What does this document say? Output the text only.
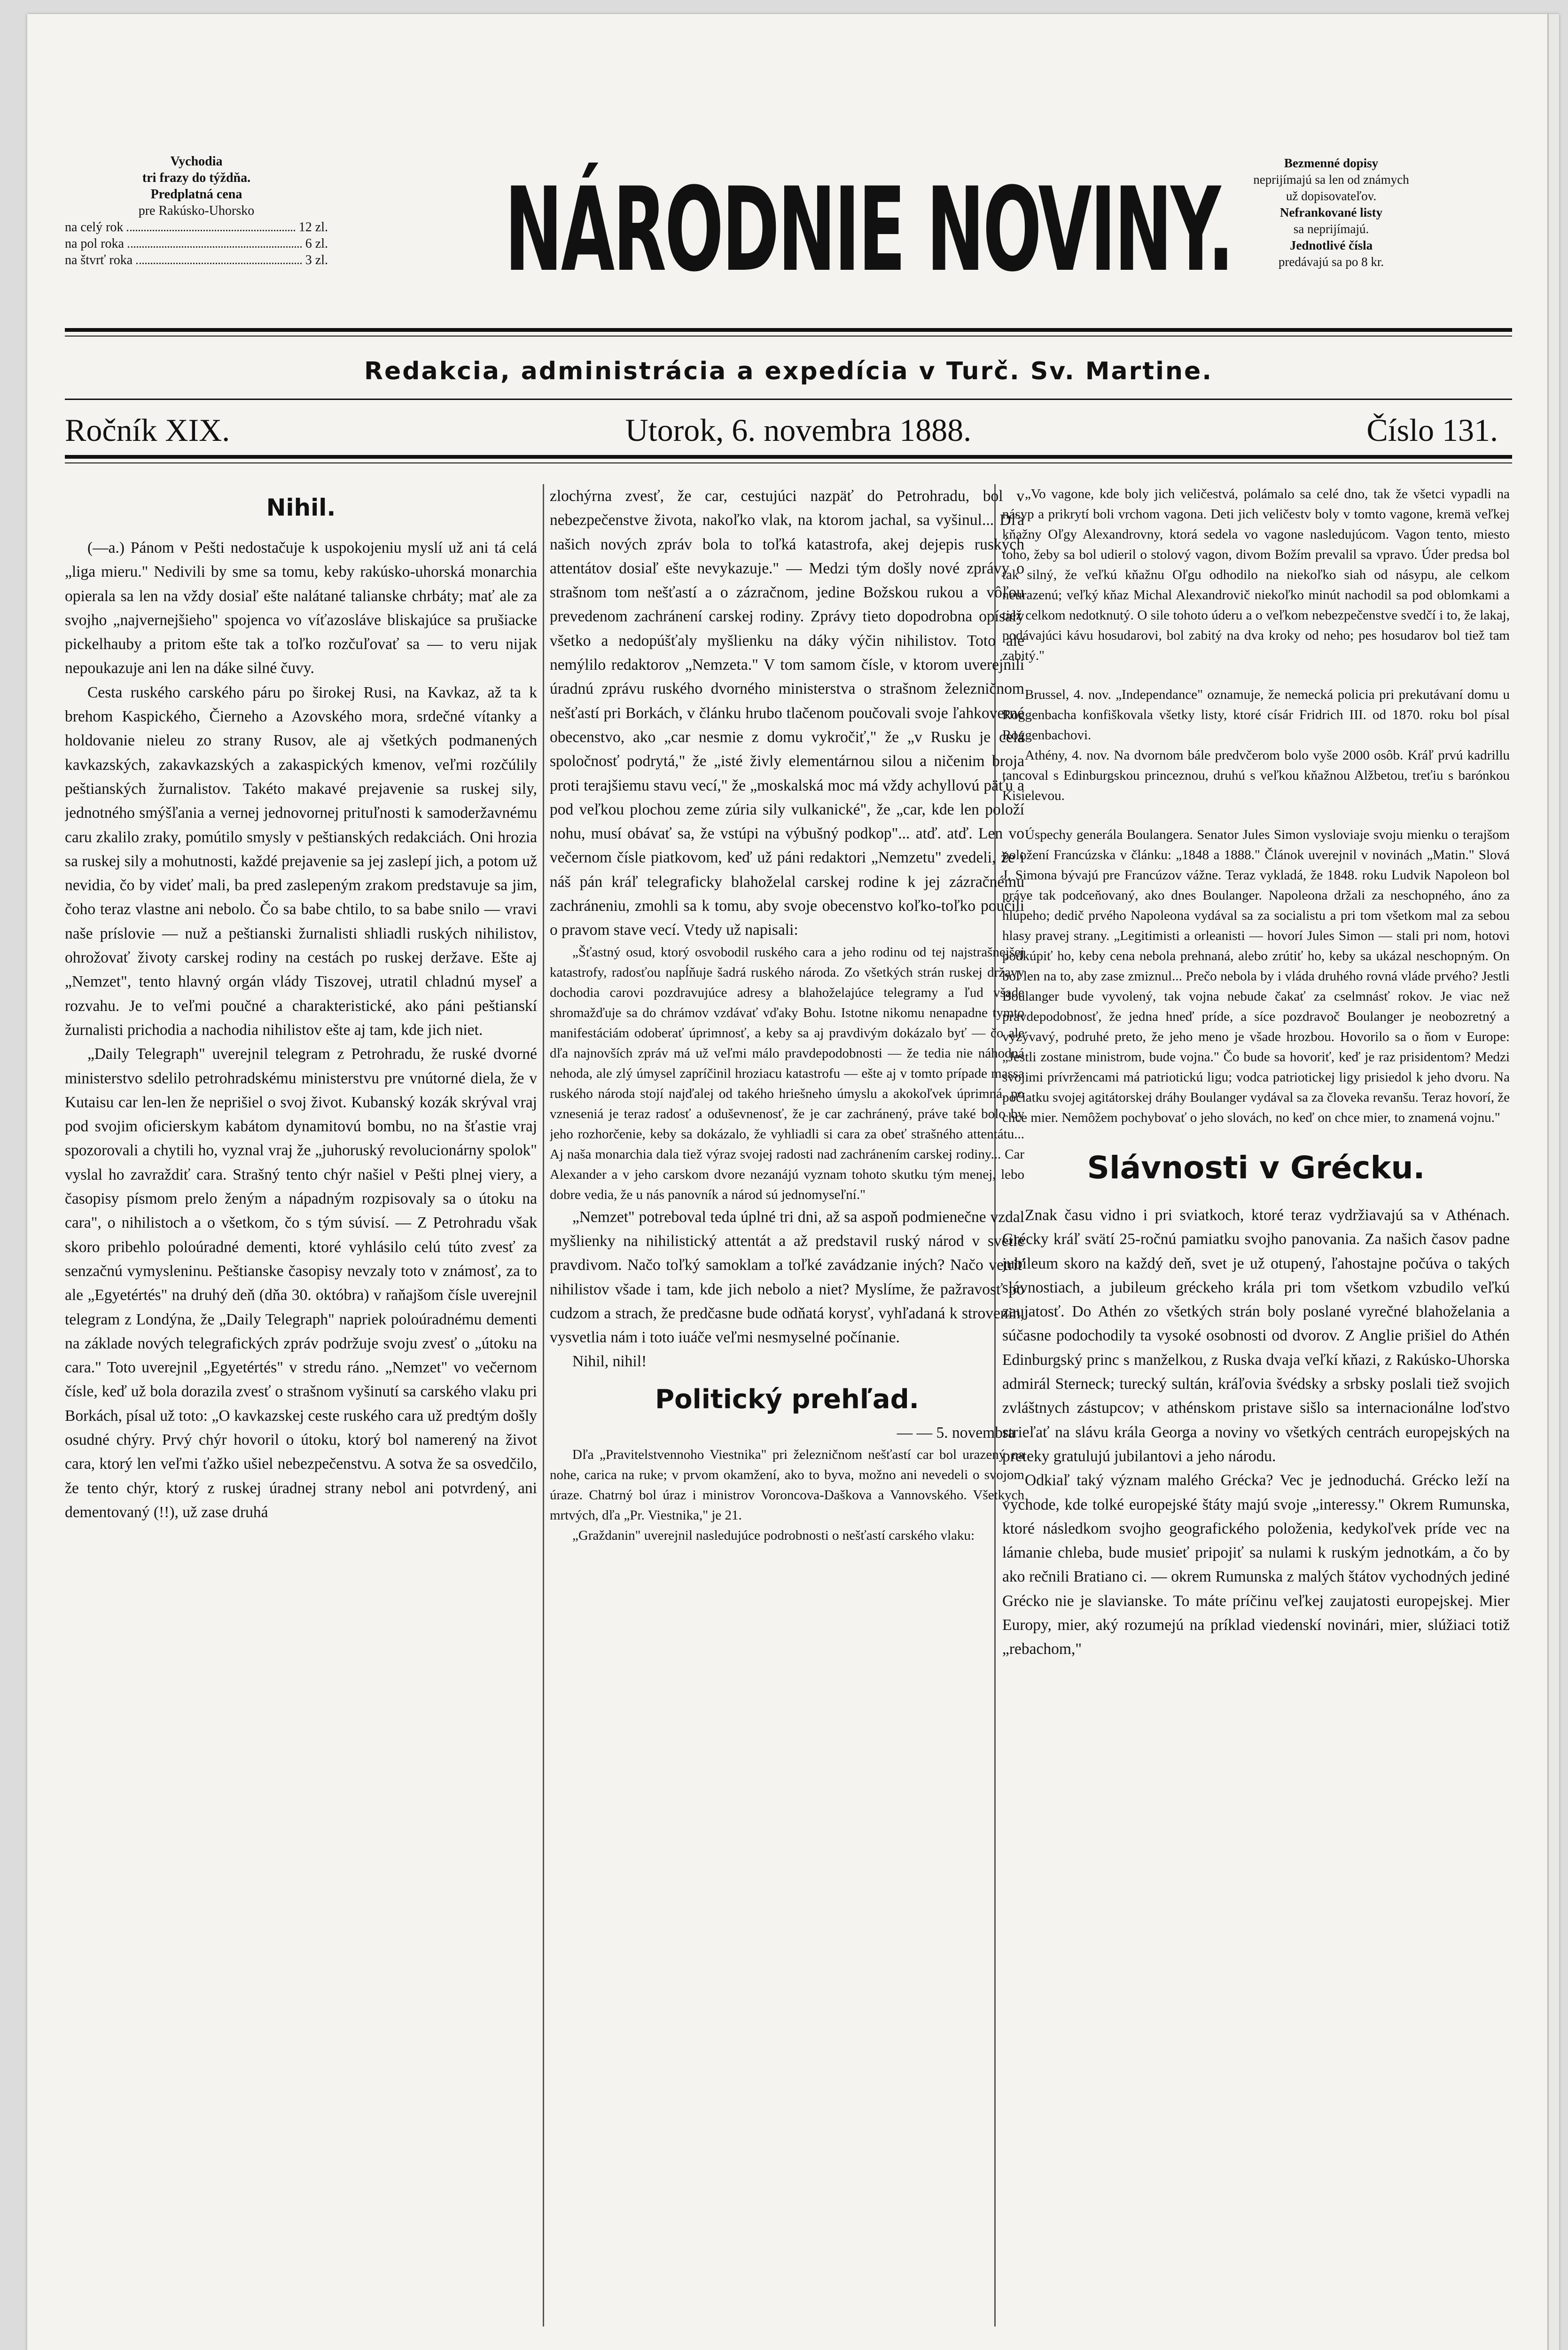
Vychodia
tri frazy do týždňa.
Predplatná cena
pre Rakúsko-Uhorsko
na celý rok	12 zl.
na pol roka	6 zl.
na štvrť roka	3 zl. NÁRODNIE NOVINY.	Bezmenné dopisy
neprijímajú sa len od známych
už dopisovateľov.
Nefrankované listy
sa neprijímajú.
Jednotlivé čísla
predávajú sa po 8 kr.
Redakcia, administrácia a expedícia v Turč. Sv. Martine.
Ročník XIX.	Utorok, 6. novembra 1888.	Číslo 131.
Nihil.

(—a.) Pánom v Pešti nedostačuje k uspokojeniu myslí už ani tá celá „liga mieru." Nedivili by sme sa tomu, keby rakúsko-uhorská monarchia opierala sa len na vždy dosiaľ ešte nalátané talianske chrbáty; mať ale za svojho „najvernejšieho" spojenca vo víťazosláve bliskajúce sa prušiacke pickelhauby a pritom ešte tak a toľko rozčuľovať sa — to veru nijak nepoukazuje ani len na dáke silné čuvy.

Cesta ruského carského páru po širokej Rusi, na Kavkaz, až ta k brehom Kaspického, Čierneho a Azovského mora, srdečné vítanky a holdovanie nieleu zo strany Rusov, ale aj všetkých podmanených kavkazských, zakavkazských a zakaspických kmenov, veľmi rozčúlily peštianských žurnalistov. Takéto makavé prejavenie sa ruskej sily, jednotného smýšľania a vernej jednovornej prituľnosti k samoderžavnému caru zkalilo zraky, pomútilo smysly v peštianských redakciách. Oni hrozia sa ruskej sily a mohutnosti, každé prejavenie sa jej zaslepí jich, a potom už nevidia, čo by videť mali, ba pred zaslepeným zrakom predstavuje sa jim, čoho teraz vlastne ani nebolo. Čo sa babe chtilo, to sa babe snilo — vravi naše príslovie — nuž a peštianski žurnalisti shliadli ruských nihilistov, ohrožovať životy carskej rodiny na cestách po ruskej deržave. Ešte aj „Nemzet", tento hlavný orgán vlády Tiszovej, utratil chladnú myseľ a rozvahu. Je to veľmi poučné a charakteristické, ako páni peštianskí žurnalisti prichodia a nachodia nihilistov ešte aj tam, kde jich niet.

„Daily Telegraph" uverejnil telegram z Petrohradu, že ruské dvorné ministerstvo sdelilo petrohradskému ministerstvu pre vnútorné diela, že v Kutaisu car len-len že neprišiel o svoj život. Kubanský kozák skrýval vraj pod svojim oficierskym kabátom dynamitovú bombu, no na šťastie vraj spozorovali a chytili ho, vyznal vraj že „juhoruský revolucionárny spolok" vyslal ho zavraždiť cara. Strašný tento chýr našiel v Pešti plnej viery, a časopisy písmom prelo ženým a nápadným rozpisovaly sa o útoku na cara", o nihilistoch a o všetkom, čo s tým súvisí. — Z Petrohradu však skoro pribehlo poloúradné dementi, ktoré vyhlásilo celú túto zvesť za senzačnú vymysleninu. Peštianske časopisy nevzaly toto v známosť, za to ale „Egyetértés" na druhý deň (dňa 30. októbra) v raňajšom čísle uverejnil telegram z Londýna, že „Daily Telegraph" napriek poloúradnému dementi na základe nových telegrafických zpráv podržuje svoju zvesť o „útoku na cara." Toto uverejnil „Egyetértés" v stredu ráno. „Nemzet" vo večernom čísle, keď už bola dorazila zvesť o strašnom vyšinutí sa carského vlaku pri Borkách, písal už toto: „O kavkazskej ceste ruského cara už predtým došly osudné chýry. Prvý chýr hovoril o útoku, ktorý bol namerený na život cara, ktorý len veľmi ťažko ušiel nebezpečenstvu. A sotva že sa osvedčilo, že tento chýr, ktorý z ruskej úradnej strany nebol ani potvrdený, ani dementovaný (!!), už zase druhá

zlochýrna zvesť, že car, cestujúci nazpäť do Petrohradu, bol v nebezpečenstve života, nakoľko vlak, na ktorom jachal, sa vyšinul... Dľa našich nových zpráv bola to toľká katastrofa, akej dejepis ruských attentátov dosiaľ ešte nevykazuje." — Medzi tým došly nové zprávy o strašnom tom nešťastí a o zázračnom, jedine Božskou rukou a vôľou prevedenom zachránení carskej rodiny. Zprávy tieto dopodrobna opísaly všetko a nedopúšťaly myšlienku na dáky výčin nihilistov. Toto ale nemýlilo redaktorov „Nemzeta." V tom samom čísle, v ktorom uverejnili úradnú zprávu ruského dvorného ministerstva o strašnom železničnom nešťastí pri Borkách, v článku hrubo tlačenom poučovali svoje ľahkoverné obecenstvo, ako „car nesmie z domu vykročiť," že „v Rusku je celá spoločnosť podrytá," že „isté živly elementárnou silou a ničenim broja proti terajšiemu stavu vecí," že „moskalská moc má vždy achyllovú päťu a pod veľkou plochou zeme zúria sily vulkanické", že „car, kde len položí nohu, musí obávať sa, že vstúpi na výbušný podkop"... atď. atď. Len vo večernom čísle piatkovom, keď už páni redaktori „Nemzetu" zvedeli, že i náš pán kráľ telegraficky blahoželal carskej rodine k jej zázračnému zachráneniu, zmohli sa k tomu, aby svoje obecenstvo koľko-toľko poučili o pravom stave vecí. Vtedy už napisali:

„Šťastný osud, ktorý osvobodil ruského cara a jeho rodinu od tej najstrašnejšej katastrofy, radosťou napĺňuje šadrá ruského národa. Zo všetkých strán ruskej državy dochodia carovi pozdravujúce adresy a blahoželajúce telegramy a ľud všade shromažďuje sa do chrámov vzdávať vďaky Bohu. Istotne nikomu nenapadne tymto manifestáciám odoberať úprimnosť, a keby sa aj pravdivým dokázalo byť — čo ale dľa najnovších zpráv má už veľmi málo pravdepodobnosti — že tedia nie náhodná nehoda, ale zlý úmysel zapríčinil hroziacu katastrofu — ešte aj v tomto prípade massa ruského národa stojí najďalej od takého hriešneho úmyslu a akokoľvek úprimná, po vzneseniá je teraz radosť a oduševnenosť, že je car zachránený, práve také bolo by jeho rozhorčenie, keby sa dokázalo, že vyhliadli si cara za obeť strašného attentátu... Aj naša monarchia dala tiež výraz svojej radosti nad zachránením carskej rodiny... Car Alexander a v jeho carskom dvore nezanájú vyznam tohoto skutku tým menej, lebo dobre vedia, že u nás panovník a národ sú jednomyseľní."

„Nemzet" potreboval teda úplné tri dni, až sa aspoň podmienečne vzdal myšlienky na nihilistický attentát a až predstavil ruský národ v svetle pravdivom. Načo toľký samoklam a toľké zavádzanie iných? Načo vetriť nihilistov všade i tam, kde jich nebolo a niet? Myslíme, že pažravosť po cudzom a strach, že predčasne bude odňatá korysť, vyhľadaná k strovenin, vysvetlia nám i toto iuáče veľmi nesmyselné počínanie.

Nihil, nihil!

Politický prehľad.
— — 5. novembra

Dľa „Pravitelstvennoho Viestnika" pri železničnom nešťastí car bol urazený na nohe, carica na ruke; v prvom okamžení, ako to byva, možno ani nevedeli o svojom úraze. Chatrný bol úraz i ministrov Voroncova-Daškova a Vannovského. Všetkych mrtvých, dľa „Pr. Viestnika," je 21.

„Graždanin" uverejnil nasledujúce podrobnosti o nešťastí carského vlaku:

„Vo vagone, kde boly jich veličestvá, polámalo sa celé dno, tak že všetci vypadli na násyp a prikrytí boli vrchom vagona. Deti jich veličestv boly v tomto vagone, kremä veľkej kňažny Oľgy Alexandrovny, ktorá sedela vo vagone nasledujúcom. Vagon tento, miesto toho, žeby sa bol udieril o stolový vagon, divom Božím prevalil sa vpravo. Úder predsa bol tak silný, že veľkú kňažnu Oľgu odhodilo na niekoľko siah od násypu, ale celkom neurazenú; veľký kňaz Michal Alexandrovič niekoľko minút nachodil sa pod oblomkami a tiež celkom nedotknutý. O sile tohoto úderu a o veľkom nebezpečenstve svedčí i to, že lakaj, podávajúci kávu hosudarovi, bol zabitý na dva kroky od neho; pes hosudarov bol tiež tam zabitý."

Brussel, 4. nov. „Independance" oznamuje, že nemecká policia pri prekutávaní domu u Roggenbacha konfiškovala všetky listy, ktoré císár Fridrich III. od 1870. roku bol písal Roggenbachovi.

Athény, 4. nov. Na dvornom bále predvčerom bolo vyše 2000 osôb. Kráľ prvú kadrillu tancoval s Edinburgskou princeznou, druhú s veľkou kňažnou Alžbetou, treťiu s barónkou Kisielevou.

Úspechy generála Boulangera. Senator Jules Simon vysloviaje svoju mienku o terajšom položení Francúzska v článku: „1848 a 1888." Článok uverejnil v novinách „Matin." Slová J. Simona bývajú pre Francúzov vážne. Teraz vykladá, že 1848. roku Ludvik Napoleon bol práve tak podceňovaný, ako dnes Boulanger. Napoleona držali za neschopného, áno za hlúpeho; dedič prvého Napoleona vydával sa za socialistu a pri tom všetkom mal za sebou hlasy pravej strany. „Legitimisti a orleanisti — hovorí Jules Simon — stali pri nom, hotovi podkúpiť ho, keby cena nebola prehnaná, alebo zrútiť ho, keby sa ukázal neschopným. On bol len na to, aby zase zmiznul... Prečo nebola by i vláda druhého rovná vláde prvého? Jestli Boulanger bude vyvolený, tak vojna nebude čakať za cselmnásť rokov. Je viac než pravdepodobnosť, že jedna hneď príde, a síce pozdravoč Boulanger je neobozretný a vyzývavý, podruhé preto, že jeho meno je všade hrozbou. Hovorilo sa o ňom v Europe: „Jestli zostane ministrom, bude vojna." Čo bude sa hovoriť, keď je raz prisidentom? Medzi svojimi prívržencami má patriotickú ligu; vodca patriotickej ligy prisiedol k jeho dvoru. Na počiatku svojej agitátorskej dráhy Boulanger vydával sa za človeka revanšu. Teraz hovorí, že chce mier. Nemôžem pochybovať o jeho slovách, no keď on chce mier, to znamená vojnu."

Slávnosti v Grécku.

Znak času vidno i pri sviatkoch, ktoré teraz vydržiavajú sa v Athénach. Grécky kráľ svätí 25-ročnú pamiatku svojho panovania. Za našich časov padne jubileum skoro na každý deň, svet je už otupený, ľahostajne počúva o takých slávnostiach, a jubileum gréckeho krála pri tom všetkom vzbudilo veľkú zaujatosť. Do Athén zo všetkých strán boly poslané vyrečné blahoželania a súčasne podochodily ta vysoké osobnosti od dvorov. Z Anglie prišiel do Athén Edinburgský princ s manželkou, z Ruska dvaja veľkí kňazi, z Rakúsko-Uhorska admirál Sterneck; turecký sultán, kráľovia švédsky a srbsky poslali tiež svojich zvláštnych zástupcov; v athénskom pristave sišlo sa internacionálne loďstvo strieľať na slávu krála Georga a noviny vo všetkých centrách europejských na preteky gratulujú jubilantovi a jeho národu.

Odkiaľ taký význam malého Grécka? Vec je jednoduchá. Grécko leží na vychode, kde tolké europejské štáty majú svoje „interessy." Okrem Rumunska, ktoré následkom svojho geografického položenia, kedykoľvek príde vec na lámanie chleba, bude musieť pripojiť sa nulami k ruským jednotkám, a čo by ako rečnili Bratiano ci. — okrem Rumunska z malých štátov vychodných jediné Grécko nie je slavianske. To máte príčinu veľkej zaujatosti europejskej. Mier Europy, mier, aký rozumejú na príklad viedenskí novinári, mier, slúžiaci totiž „rebachom,"
